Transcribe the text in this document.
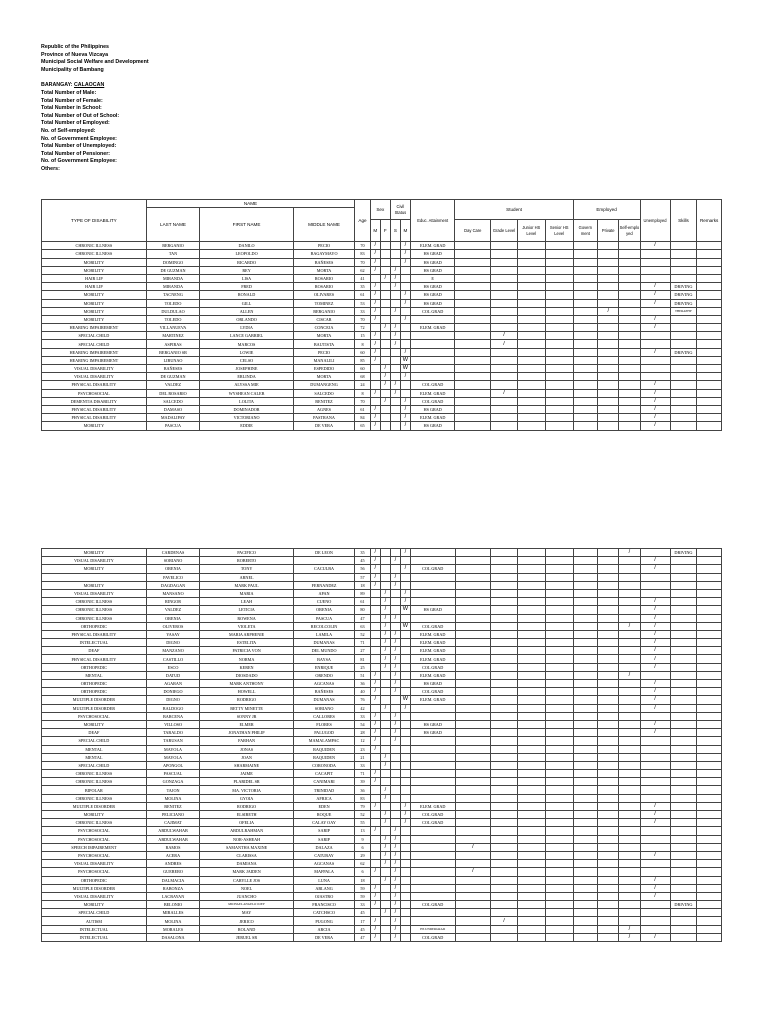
Republic of the Philippines
Province of Nueva Vizcaya
Municipal Social Welfare and Development
Municipality of Bambang
BARANGAY: CALAOCAN
Total Number of Male:
Total Number of Female:
Total Number in School:
Total Number of Out of School:
Total Number of Employed:
No. of Self-employed:
No. of Government Employee:
Total Number of Unemployed:
Total Number of Pensioner:
No. of Government Employee:
Others:
TYPE OF DISABILITY	NAME			Age	Sex		Civil Status		Educ. Attainment	Student				Employed			Unemployed	Skills	Remarks
	LAST NAME	FIRST NAME	MIDDLE NAME																
					M	F	S	M		Day Care	Grade Level	Junior HS Level	Senior HS Level	Govern ment	Private	Self-emplo yed			
CHRONIC ILLNESS	BERGANIO	DANILO	PECIO	70	/			/	ELEM. GRAD								/		
CHRONIC ILLNESS	TAN	LEOPOLDO	BAGAYMAYO	83	/			/	HS GRAD										
MOBILITY	DOMINGO	RICARDO	BAÑESES	70	/			/	HS GRAD										
MOBILITY	DE GUZMAN	REY	MORTA	62	/		/		HS GRAD										
HAIR LIP	MIRANDA	LISA	ROSARIO	41		/	/		E										
HAIR LIP	MIRANDA	FRED	ROSARIO	35	/		/		HS GRAD								/	DRIVING	
MOBILITY	TACNENG	RONALD	OLIVARES	61	/			/	HS GRAD								/	DRIVING	
MOBILITY	TOLEDO	GILL	TOMINEZ	53	/			/	HS GRAD								/	DRIVING	
MOBILITY	DULDULAO	ALLEN	BERGANIO	33	/		/		COL GRAD						/			THERAPHY	
MOBILITY	TOLEDO	ORLANDO	CISCAR	70	/			/									/		
HEARING IMPAIREMENT	VILLANUEVA	LYDIA	CONCEJA	72		/	/		ELEM. GRAD								/		
SPECIAL CHILD	MARTINEZ	LANCE GABRIEL	MORTA	15	/		/				/								
SPECIAL CHILD	ASPIRAS	MARCOS	BAUTISTA	8	/		/				/								
HEARING IMPAIREMENT	BERGANIO SR	LOWIE	PECIO	60	/			/									/	DRIVING	
HEARING IMPAIREMENT	LIBUNAO	CELSO	MANALILI	85	/			W											
VISUAL DISABILITY	BAÑESES	JOSEPHINE	ESPEDIDO	60		/		W											
VISUAL DISABILITY	DE GUZMAN	ERLINDA	MORTA	68		/		/											
PHYSICAL DISABILITY	VALDEZ	ALYSSA MIE	DUMANGENG	24		/	/		COL GRAD								/		
PSYCHOSOCIAL	DEL ROSARIO	WYSHEAN CALEB	SALCEDO	8	/		/		ELEM. GRAD		/						/		
DEMENTIA DISABILITY	SALCEDO	LOLITA	BENITEZ	70		/		/	COL GRAD								/		
PHYSICAL DISABILITY	DAMASO	DOMINADOR	AGNES	61	/			/	HS GRAD								/		
PHYSICAL DISABILITY	MADALIPAY	VICTORIANO	PASTRANA	84	/			/	ELEM. GRAD								/		
MOBILITY	PASCUA	EDDIE	DE VERA	65	/			/	HS GRAD								/		
MOBILITY	CARDENAS	PACIFICO	DE LEON	35	/			/								/		DRIVING	
VISUAL DISABILITY	SORIANO	ROBERTO		45	/		/										/		
MOBILITY	ORENIA	TONY	CACULBA	56	/			/	COL GRAD								/		
	PAVELICO	ARNEL		57	/		/												
MOBILITY	DAGDAGAN	MARK PAUL	FERNANDEZ	18	/		/												
VISUAL DISABILITY	MANSANO	MARIA	APAN	89		/		/											
CHRONIC ILLNESS	RINGOR	LEAH	CUENO	61		/		/									/		
CHRONIC ILLNESS	VALDEZ	LETICIA	ORENIA	80		/		W	HS GRAD								/		
CHRONIC ILLNESS	ORENIA	ROWENA	PASCUA	47		/	/										/		
ORTHOPEDIC	OLIVEROS	VIOLETA	RECOLCOLIN	63		/		W	COL GRAD							/	/		
PHYSICAL DISABILITY	YASAY	MARIA ARPHENIE	LAMILA	52		/	/		ELEM. GRAD								/		
INTELECTUAL	DIGNO	ESTELITA	DUMANAS	71		/	/		ELEM. GRAD								/		
DEAF	MANZANO	PATRICIA VON	DEL MUNDO	27		/	/		ELEM. GRAD								/		
PHYSICAL DISABILITY	CASTILLO	NORMA	BAYSA	81		/	/		ELEM. GRAD								/		
ORTHOPEDIC	ESCO	KEREN	ENRIQUE	25		/	/		COL GRAD								/		
MENTAL	DATUD	DIOSDADO	ORENDO	51	/		/		ELEM. GRAD							/			
ORTHOPEDIC	AGARAN	MARK ANTHONY	AGCANAS	36	/		/		HS GRAD								/		
ORTHOPEDIC	DONIEGO	HOWELL	BAÑESES	40	/		/		COL GRAD								/		
MULTIPLE DISORDER	DIGNO	RODRIGO	DUMANAS	76	/			W	ELEM. GRAD								/		
MULTIPLE DISORDER	BALDOGO	BETTY MINETTE	SORIANO	42		/		/									/		
PSYCHOSOCIAL	BARCENA	SONNY JR	CALLORES	33	/		/												
MOBILITY	VILLOSO	ELMER	FLORES	54	/		/		HS GRAD								/		
DEAF	TABALDO	JONATHAN PHILIP	PALUGOD	28	/		/		HS GRAD								/		
SPECIAL CHILD	TARUSAN	FARHAN	MAMALAMPAC	12	/		/												
MENTAL	MAYOLA	JONAS	RAQUIDEN	23	/														
MENTAL	MAYOLA	JOAN	RAQUIDEN	21		/													
SPECIAL CHILD	APONGOL	SHARMAINE	CORONODA	33		/													
CHRONIC ILLNESS	PASCUAL	JAIME	CACAPIT	71	/														
CHRONIC ILLNESS	GONZAGA	PLARIDEL SR	CANIMARI	39	/														
BIPOLAR	TAJON	MA. VICTORIA	TRINIDAD	36		/													
CHRONIC ILLNESS	MOLINA	GYOIA	AFRICA	83		/													
MULTIPLE DISORDER	BENITEZ	RODRIGO	EDEN	79	/			/	ELEM. GRAD								/		
MOBILITY	PELICIANO	ELSIBETH	ROQUE	52		/		/	COL GRAD								/		
CHRONIC ILLNESS	CAJIMAT	OFELIA	CALAY OAY	55		/		/	COL GRAD								/		
PSYCHOSOCIAL	ABDULWAHAB	ABDULRAHMAN	SARIP	13	/		/												
PSYCHOSOCIAL	ABDULWAHAB	NOR-ASHEAH	SARIP	9		/	/												
SPEECH IMPAIREMENT	RAMOS	SAMANTHA MAXINE	DALAZA	6		/	/			/									
PSYCHOSOCIAL	ACERA	CLARISSA	CATUBAY	29		/	/										/		
VISUAL DISABILITY	ANDRES	DAMIANA	AGCANAS	62		/	/												
PSYCHOSOCIAL	GUERERO	MARK JAIDEN	MAFPALA	6	/		/			/									
ORTHOPEDIC	DALMACIA	CARYLLE JOS	LUNA	18		/	/										/		
MULTIPLE DISORDER	RABONZA	NOEL	ABLANG	59	/		/										/		
VISUAL DISABILITY	LACBAYAN	JUANCHO	OJASTRO	59	/		/										/		
MOBILITY	BELONIO	MICHAEL ANGELO JOEY	FRANCISCO	33	/		/		COL GRAD									DRIVING	
SPECIAL CHILD	MIRALLES	MAY	CATCHSCO	45		/	/												
AUTISM	MOLINA	JERICO	PUGONG	17	/		/				/								
INTELECTUAL	MORALES	ROLAND	ARCIA	45	/		/		HS UNDERGRAD							/			
INTELECTUAL	DASALONA	JERUEL SR	DE VERA	47	/		/		COL GRAD							/	/		
